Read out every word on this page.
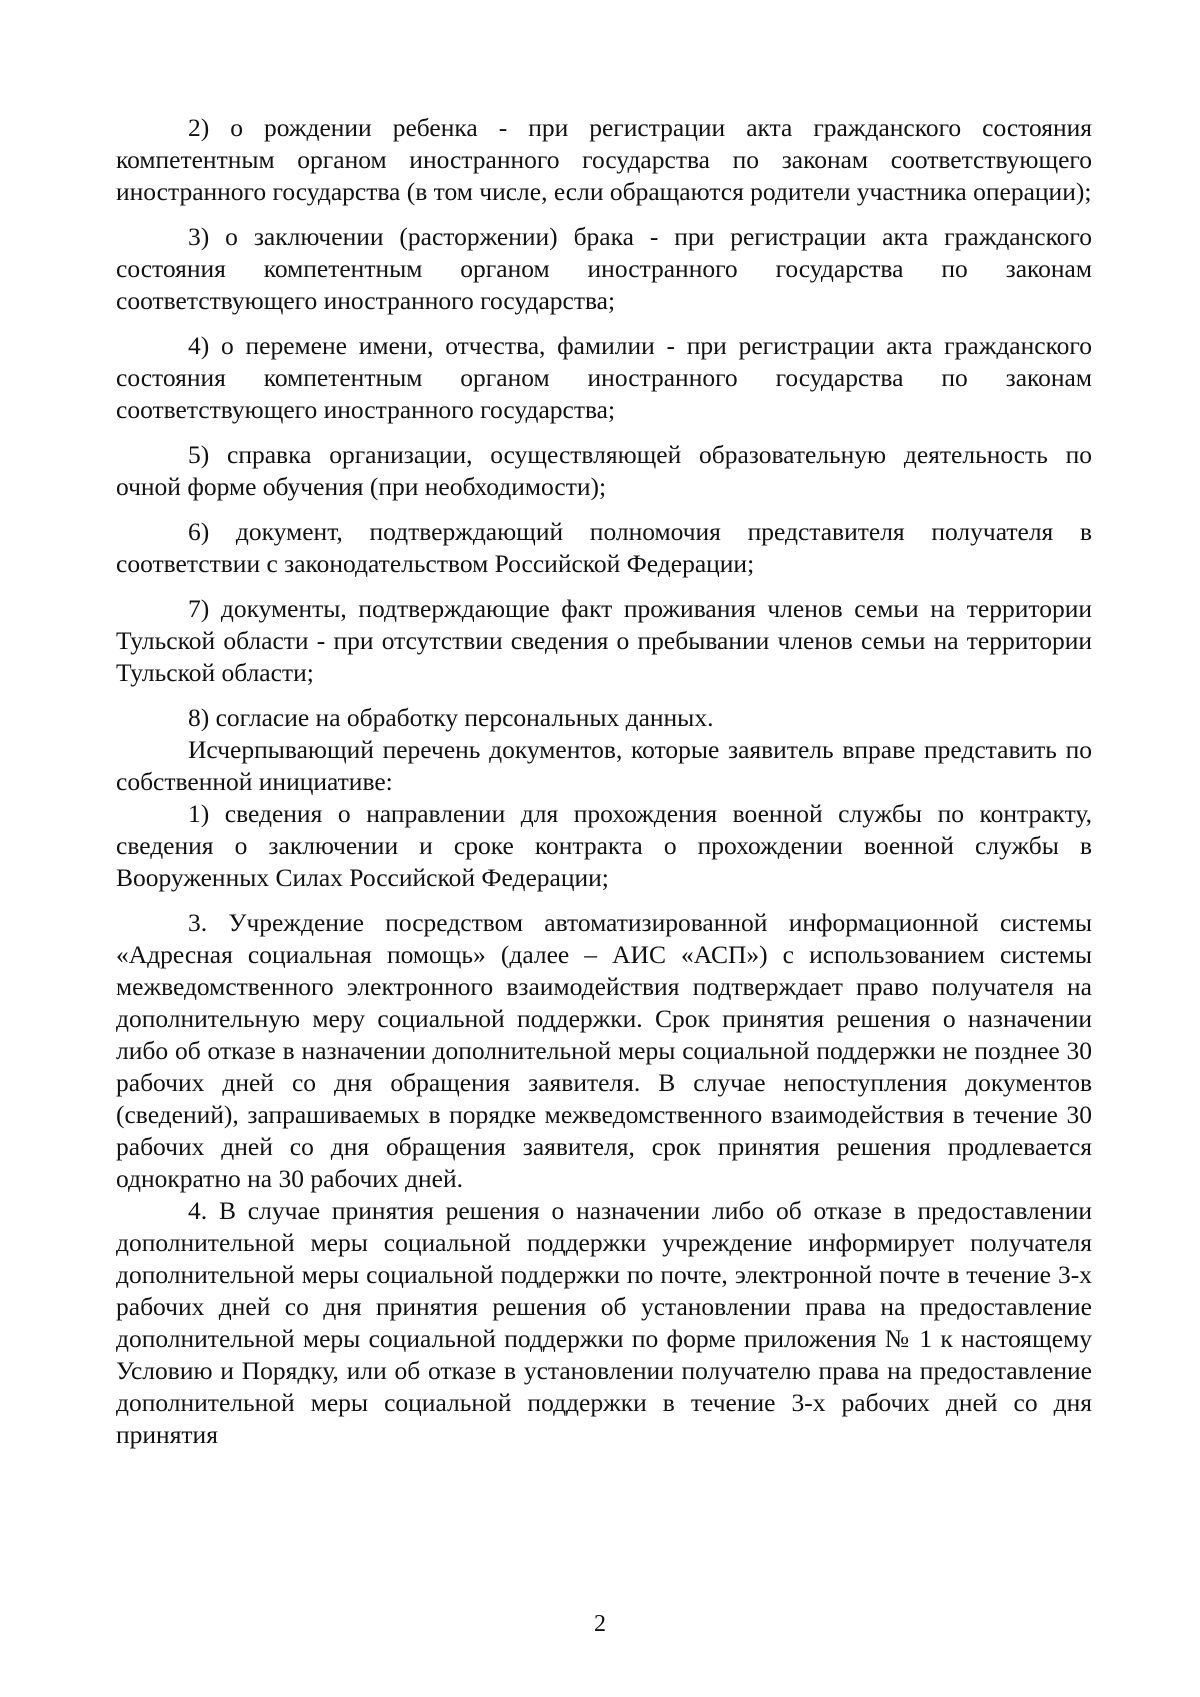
2) о рождении ребенка - при регистрации акта гражданского состояния компетентным органом иностранного государства по законам соответствующего иностранного государства (в том числе, если обращаются родители участника операции);

3) о заключении (расторжении) брака - при регистрации акта гражданского состояния компетентным органом иностранного государства по законам соответствующего иностранного государства;

4) о перемене имени, отчества, фамилии - при регистрации акта гражданского состояния компетентным органом иностранного государства по законам соответствующего иностранного государства;

5) справка организации, осуществляющей образовательную деятельность по очной форме обучения (при необходимости);

6) документ, подтверждающий полномочия представителя получателя в соответствии с законодательством Российской Федерации;

7) документы, подтверждающие факт проживания членов семьи на территории Тульской области - при отсутствии сведения о пребывании членов семьи на территории Тульской области;

8) согласие на обработку персональных данных.

Исчерпывающий перечень документов, которые заявитель вправе представить по собственной инициативе:

1) сведения о направлении для прохождения военной службы по контракту, сведения о заключении и сроке контракта о прохождении военной службы в Вооруженных Силах Российской Федерации;

3. Учреждение посредством автоматизированной информационной системы «Адресная социальная помощь» (далее – АИС «АСП») с использованием системы межведомственного электронного взаимодействия подтверждает право получателя на дополнительную меру социальной поддержки. Срок принятия решения о назначении либо об отказе в назначении дополнительной меры социальной поддержки не позднее 30 рабочих дней со дня обращения заявителя. В случае непоступления документов (сведений), запрашиваемых в порядке межведомственного взаимодействия в течение 30 рабочих дней со дня обращения заявителя, срок принятия решения продлевается однократно на 30 рабочих дней.

4. В случае принятия решения о назначении либо об отказе в предоставлении дополнительной меры социальной поддержки учреждение информирует получателя дополнительной меры социальной поддержки по почте, электронной почте в течение 3-х рабочих дней со дня принятия решения об установлении права на предоставление дополнительной меры социальной поддержки по форме приложения № 1 к настоящему Условию и Порядку, или об отказе в установлении получателю права на предоставление дополнительной меры социальной поддержки в течение 3-х рабочих дней со дня принятия

2
